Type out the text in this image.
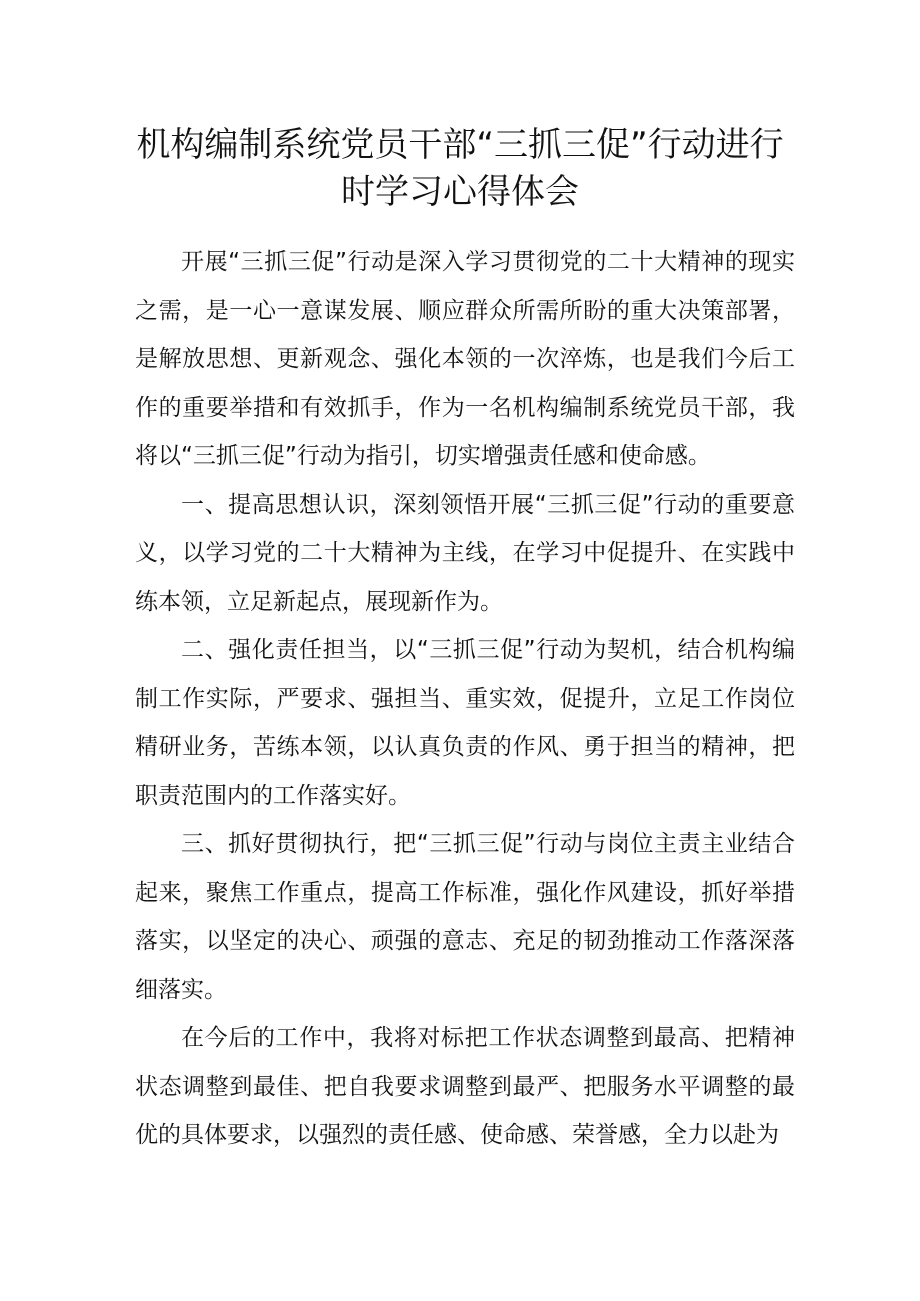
机构编制系统党员干部“三抓三促”行动进行时学习心得体会

开展“三抓三促”行动是深入学习贯彻党的二十大精神的现实之需，是一心一意谋发展、顺应群众所需所盼的重大决策部署，是解放思想、更新观念、强化本领的一次淬炼，也是我们今后工作的重要举措和有效抓手，作为一名机构编制系统党员干部，我将以“三抓三促”行动为指引，切实增强责任感和使命感。

一、提高思想认识，深刻领悟开展“三抓三促”行动的重要意义，以学习党的二十大精神为主线，在学习中促提升、在实践中练本领，立足新起点，展现新作为。

二、强化责任担当，以“三抓三促”行动为契机，结合机构编制工作实际，严要求、强担当、重实效，促提升，立足工作岗位精研业务，苦练本领，以认真负责的作风、勇于担当的精神，把职责范围内的工作落实好。

三、抓好贯彻执行，把“三抓三促”行动与岗位主责主业结合起来，聚焦工作重点，提高工作标准，强化作风建设，抓好举措落实，以坚定的决心、顽强的意志、充足的韧劲推动工作落深落细落实。

在今后的工作中，我将对标把工作状态调整到最高、把精神状态调整到最佳、把自我要求调整到最严、把服务水平调整的最优的具体要求，以强烈的责任感、使命感、荣誉感，全力以赴为
